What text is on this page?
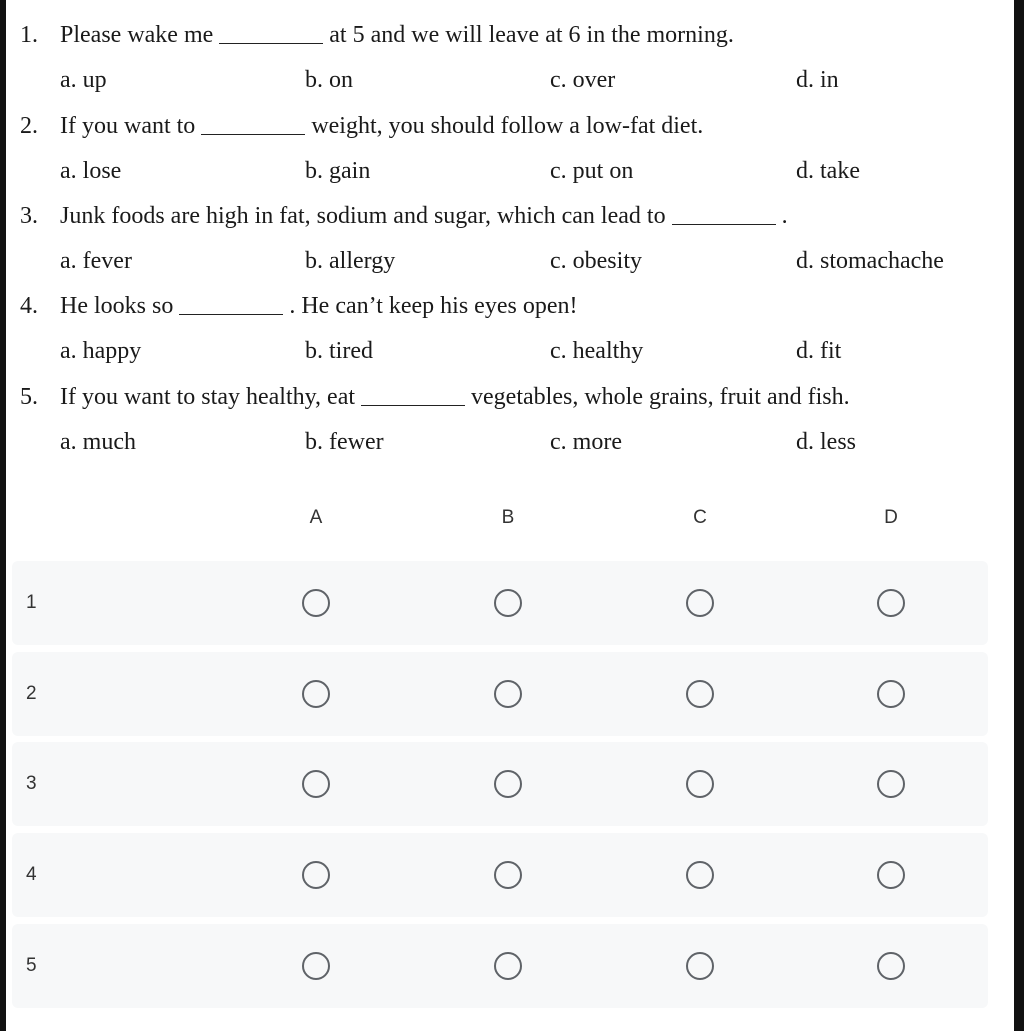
1. Please wake me	at 5 and we will leave at 6 in the morning.
a. up	b. on	c. over	d. in
2. If you want to	weight, you should follow a low-fat diet.
a. lose	b. gain	c. put on	d. take
3. Junk foods are high in fat, sodium and sugar, which can lead to	.
a. fever	b. allergy	c. obesity	d. stomachache
4. He looks so	. He can’t keep his eyes open!
a. happy	b. tired	c. healthy	d. fit
5. If you want to stay healthy, eat	vegetables, whole grains, fruit and fish.
a. much	b. fewer	c. more	d. less
A	B	C	D
1
2
3
4
5
